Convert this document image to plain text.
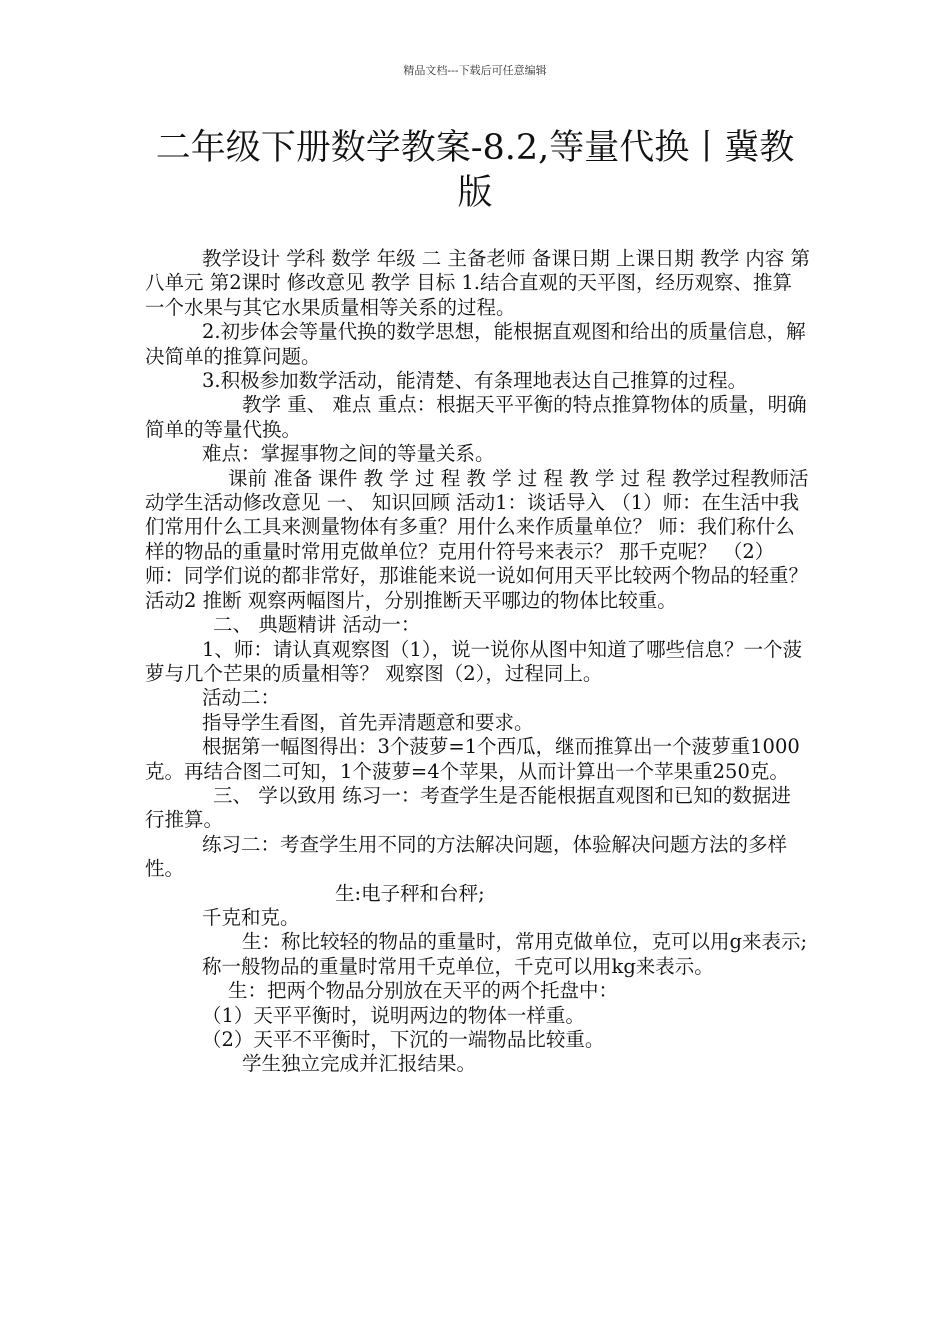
精品文档---下载后可任意编辑
二年级下册数学教案-8.2,等量代换丨冀教版

教学设计 学科 数学 年级 二 主备老师 备课日期 上课日期 教学 内容 第八单元 第2课时 修改意见 教学 目标 1.结合直观的天平图，经历观察、推算一个水果与其它水果质量相等关系的过程。

2.初步体会等量代换的数学思想，能根据直观图和给出的质量信息，解决简单的推算问题。

3.积极参加数学活动，能清楚、有条理地表达自己推算的过程。

教学 重、 难点 重点：根据天平平衡的特点推算物体的质量，明确简单的等量代换。

难点：掌握事物之间的等量关系。

课前 准备 课件 教 学 过 程 教 学 过 程 教 学 过 程 教学过程教师活动学生活动修改意见 一、 知识回顾 活动1：谈话导入 （1）师：在生活中我们常用什么工具来测量物体有多重？用什么来作质量单位？ 师：我们称什么样的物品的重量时常用克做单位？克用什符号来表示？ 那千克呢？ （2）师：同学们说的都非常好，那谁能来说一说如何用天平比较两个物品的轻重？ 活动2 推断 观察两幅图片，分别推断天平哪边的物体比较重。

二、 典题精讲 活动一：

1、师：请认真观察图（1），说一说你从图中知道了哪些信息？一个菠萝与几个芒果的质量相等？ 观察图（2），过程同上。

活动二：

指导学生看图，首先弄清题意和要求。

根据第一幅图得出：3个菠萝=1个西瓜，继而推算出一个菠萝重1000克。再结合图二可知，1个菠萝=4个苹果，从而计算出一个苹果重250克。

三、 学以致用 练习一：考查学生是否能根据直观图和已知的数据进行推算。

练习二：考查学生用不同的方法解决问题，体验解决问题方法的多样性。

生:电子秤和台秤;

千克和克。

生：称比较轻的物品的重量时，常用克做单位，克可以用g来表示;

称一般物品的重量时常用千克单位，千克可以用kg来表示。

生：把两个物品分别放在天平的两个托盘中：

（1）天平平衡时，说明两边的物体一样重。

（2）天平不平衡时，下沉的一端物品比较重。

学生独立完成并汇报结果。
